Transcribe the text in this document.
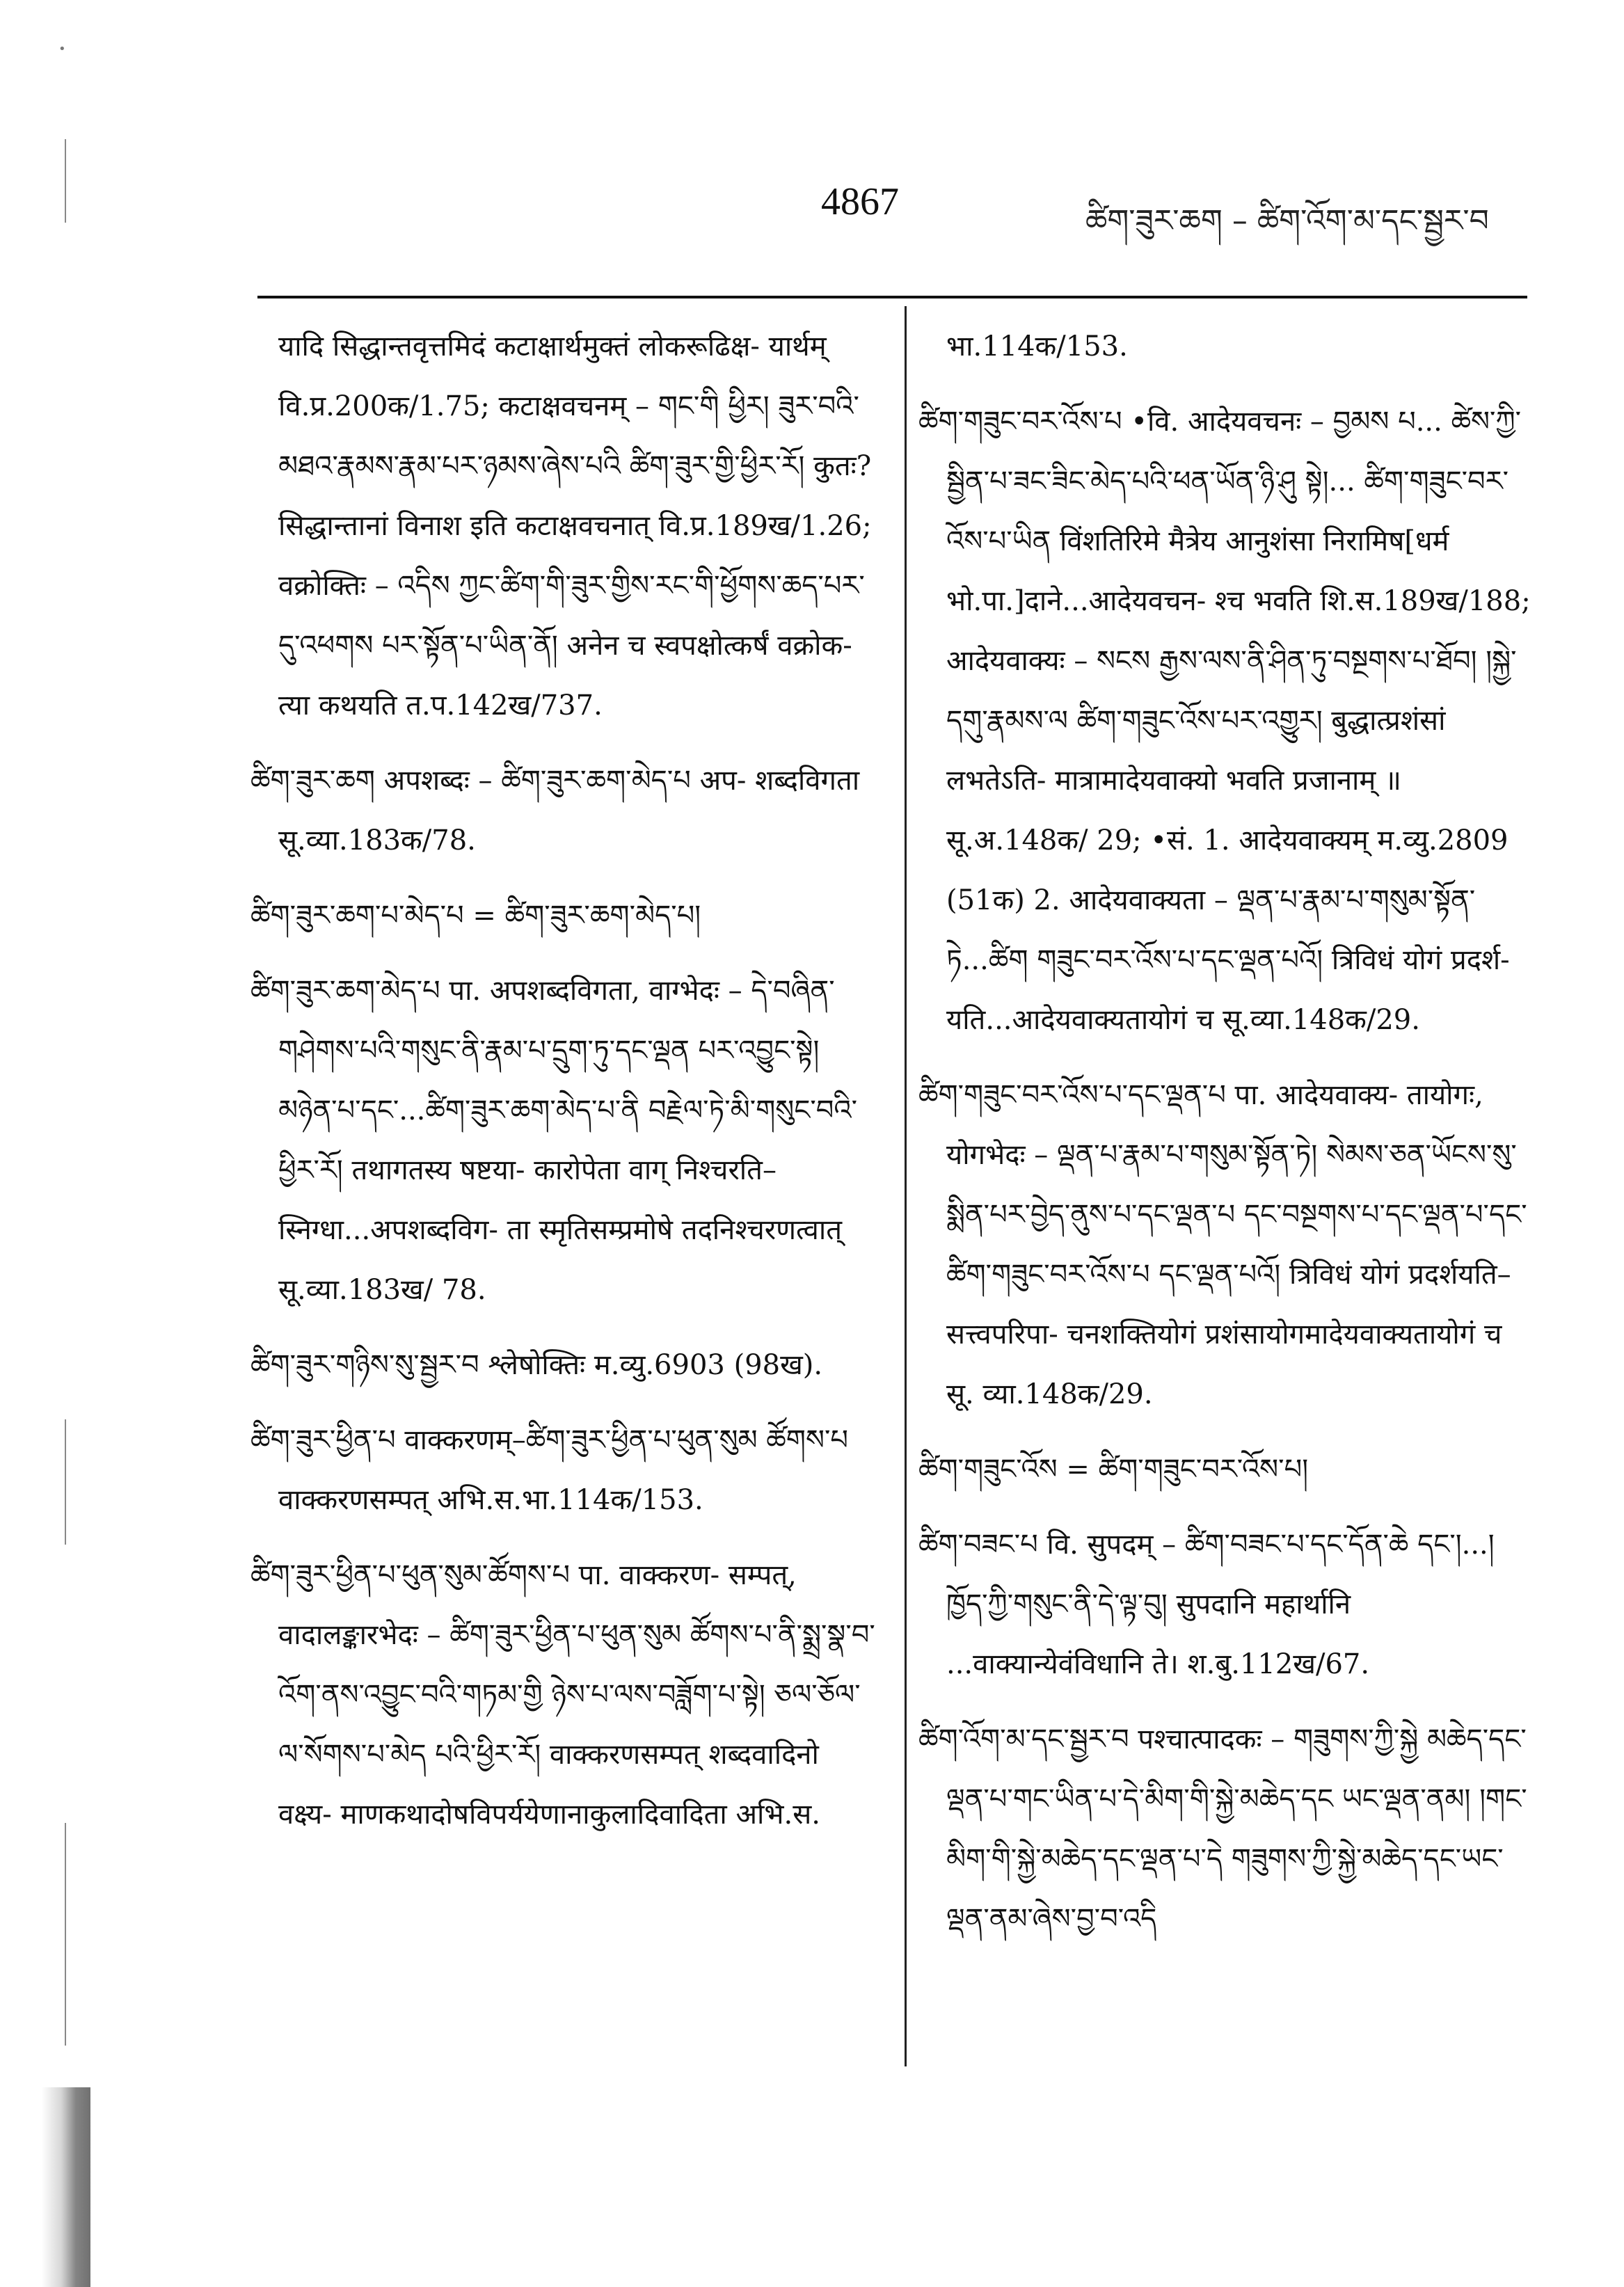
•
4867	ཚིག་ཟུར་ཆག – ཚིག་འོག་མ་དང་སྦྱར་བ

यादि सिद्धान्तवृत्तमिदं कटाक्षार्थमुक्तं लोकरूढिक्ष- यार्थम् वि.प्र.200क/1.75; कटाक्षवचनम् – གང་གི ཕྱིར། ཟུར་བའི་མཐའ་རྣམས་རྣམ་པར་ཉམས་ཞེས་པའི ཚིག་ཟུར་གྱི་ཕྱིར་རོ། कुतः? सिद्धान्तानां विनाश इति कटाक्षवचनात् वि.प्र.189ख/1.26; वक्रोक्तिः – འདིས ཀྱང་ཚིག་གི་ཟུར་གྱིས་རང་གི་ཕྱོགས་ཆད་པར་དུ་འཕགས པར་སྟོན་པ་ཡིན་ནོ། अनेन च स्वपक्षोत्कर्षं वक्रोक- त्या कथयति त.प.142ख/737.

ཚིག་ཟུར་ཆག अपशब्दः – ཚིག་ཟུར་ཆག་མེད་པ अप- शब्दविगता सू.व्या.183क/78.

ཚིག་ཟུར་ཆག་པ་མེད་པ = ཚིག་ཟུར་ཆག་མེད་པ།

ཚིག་ཟུར་ཆག་མེད་པ पा. अपशब्दविगता, वाग्भेदः – དེ་བཞིན་གཤེགས་པའི་གསུང་ནི་རྣམ་པ་དྲུག་ཏུ་དང་ལྡན པར་འབྱུང་སྟེ། མཉེན་པ་དང་...ཚིག་ཟུར་ཆག་མེད་པ་ནི བརྗེལ་ཏེ་མི་གསུང་བའི་ཕྱིར་རོ། तथागतस्य षष्टया- कारोपेता वाग् निश्चरति–स्निग्धा...अपशब्दविग- ता स्मृतिसम्प्रमोषे तदनिश्चरणत्वात् सू.व्या.183ख/ 78.

ཚིག་ཟུར་གཉིས་སུ་སྦྱར་བ श्लेषोक्तिः म.व्यु.6903 (98ख).

ཚིག་ཟུར་ཕྱིན་པ वाक्करणम्–ཚིག་ཟུར་ཕྱིན་པ་ཕུན་སུམ ཚོགས་པ वाक्करणसम्पत् अभि.स.भा.114क/153.

ཚིག་ཟུར་ཕྱིན་པ་ཕུན་སུམ་ཚོགས་པ पा. वाक्करण- सम्पत्, वादालङ्कारभेदः – ཚིག་ཟུར་ཕྱིན་པ་ཕུན་སུམ ཚོགས་པ་ནི་སྨྲ་སྣ་བ་འོག་ནས་འབྱུང་བའི་གཏམ་གྱི ཉེས་པ་ལས་བཟློག་པ་སྟེ། ཅལ་ཅོལ་ལ་སོགས་པ་མེད པའི་ཕྱིར་རོ། वाक्करणसम्पत् शब्दवादिनो वक्ष्य- माणकथादोषविपर्ययेणानाकुलादिवादिता अभि.स.

भा.114क/153.

ཚིག་གཟུང་བར་འོས་པ •वि. आदेयवचनः – བྱམས པ... ཚེས་ཀྱི་སྦྱིན་པ་ཟང་ཟིང་མེད་པའི་ཕན་ཡོན་ཉི་ཤུ སྟེ།... ཚིག་གཟུང་བར་འོས་པ་ཡིན विंशतिरिमे मैत्रेय आनुशंसा निरामिष[धर्म भो.पा.]दाने...आदेयवचन- श्च भवति शि.स.189ख/188; आदेयवाक्यः – སངས རྒྱས་ལས་ནི་ཤིན་ཏུ་བསྔགས་པ་ཐོབ། །སྐྱེ་དགུ་རྣམས་ལ ཚིག་གཟུང་འོས་པར་འགྱུར། बुद्धात्प्रशंसां लभतेऽति- मात्रामादेयवाक्यो भवति प्रजानाम् ॥ सू.अ.148क/ 29; •सं. 1. आदेयवाक्यम् म.व्यु.2809 (51क) 2. आदेयवाक्यता – ལྡན་པ་རྣམ་པ་གསུམ་སྟོན་ཏེ...ཚིག གཟུང་བར་འོས་པ་དང་ལྡན་པའོ། त्रिविधं योगं प्रदर्श- यति...आदेयवाक्यतायोगं च सू.व्या.148क/29.

ཚིག་གཟུང་བར་འོས་པ་དང་ལྡན་པ पा. आदेयवाक्य- तायोगः, योगभेदः – ལྡན་པ་རྣམ་པ་གསུམ་སྟོན་ཏེ། སེམས་ཅན་ཡོངས་སུ་སྨིན་པར་བྱེད་ནུས་པ་དང་ལྡན་པ དང་བསྔགས་པ་དང་ལྡན་པ་དང་ཚིག་གཟུང་བར་འོས་པ དང་ལྡན་པའོ། त्रिविधं योगं प्रदर्शयति–सत्त्वपरिपा- चनशक्तियोगं प्रशंसायोगमादेयवाक्यतायोगं च सू. व्या.148क/29.

ཚིག་གཟུང་འོས = ཚིག་གཟུང་བར་འོས་པ།

ཚིག་བཟང་པ वि. सुपदम् – ཚིག་བཟང་པ་དང་དོན་ཆེ དང་།...།ཁྱོད་ཀྱི་གསུང་ནི་དེ་ལྟ་བུ། सुपदानि महार्थानि ...वाक्यान्येवंविधानि ते। श.बु.112ख/67.

ཚིག་འོག་མ་དང་སྦྱར་བ पश्चात्पादकः – གཟུགས་ཀྱི་སྐྱེ མཆེད་དང་ལྡན་པ་གང་ཡིན་པ་དེ་མིག་གི་སྐྱེ་མཆེད་དང ཡང་ལྡན་ནམ། །གང་མིག་གི་སྐྱེ་མཆེད་དང་ལྡན་པ་དེ གཟུགས་ཀྱི་སྐྱེ་མཆེད་དང་ཡང་ལྡན་ནམ་ཞེས་བྱ་བ་འདི
